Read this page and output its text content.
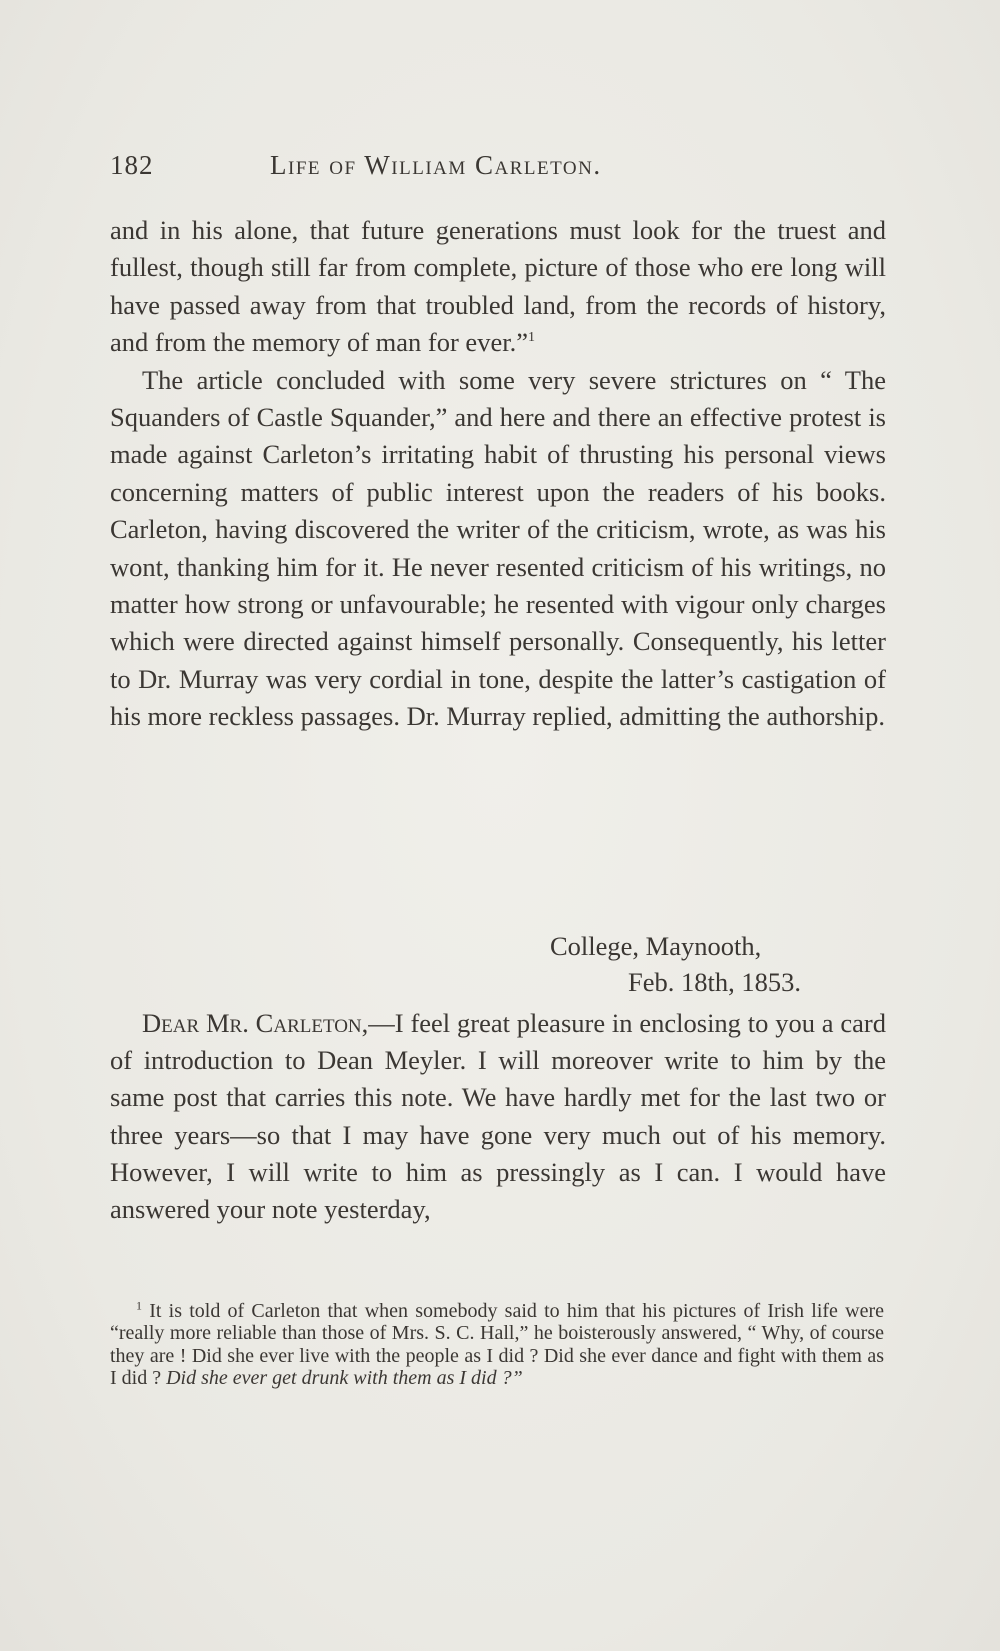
182	Life of William Carleton.

and in his alone, that future generations must look for the truest and fullest, though still far from complete, picture of those who ere long will have passed away from that troubled land, from the records of history, and from the memory of man for ever.”$^1$

The article concluded with some very severe strictures on “ The Squanders of Castle Squander,” and here and there an effective protest is made against Carleton’s irritating habit of thrusting his personal views concerning matters of public interest upon the readers of his books. Carleton, having discovered the writer of the criticism, wrote, as was his wont, thanking him for it. He never resented criticism of his writings, no matter how strong or unfavourable; he resented with vigour only charges which were directed against himself personally. Consequently, his letter to Dr. Murray was very cordial in tone, despite the latter’s castigation of his more reckless passages. Dr. Murray replied, admitting the authorship.

College, Maynooth,
Feb. 18th, 1853.

Dear Mr. Carleton,—I feel great pleasure in enclosing to you a card of introduction to Dean Meyler. I will moreover write to him by the same post that carries this note. We have hardly met for the last two or three years—so that I may have gone very much out of his memory. However, I will write to him as pressingly as I can. I would have answered your note yesterday,

$^1$ It is told of Carleton that when somebody said to him that his pictures of Irish life were “really more reliable than those of Mrs. S. C. Hall,” he boisterously answered, “ Why, of course they are ! Did she ever live with the people as I did ? Did she ever dance and fight with them as I did ? Did she ever get drunk with them as I did ?”
